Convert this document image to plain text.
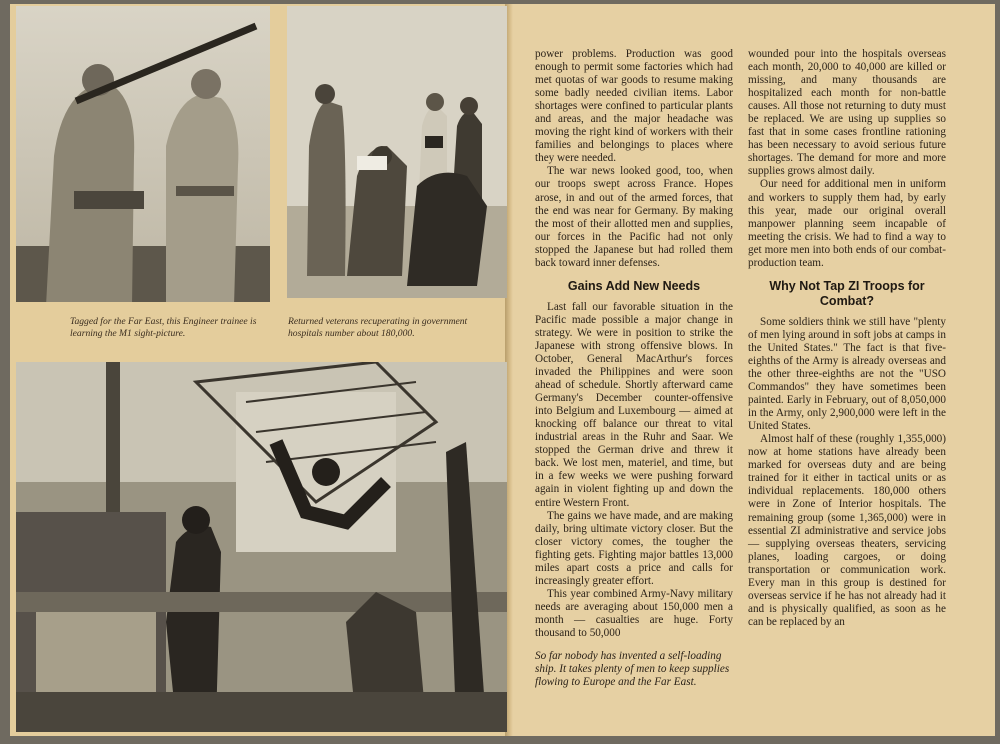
Tagged for the Far East, this Engineer trainee is learning the M1 sight-picture.
Returned veterans recuperating in government hospitals number about 180,000.

power problems. Production was good enough to permit some factories which had met quotas of war goods to resume making some badly needed civilian items. Labor shortages were confined to particular plants and areas, and the major headache was moving the right kind of workers with their families and belongings to places where they were needed.

The war news looked good, too, when our troops swept across France. Hopes arose, in and out of the armed forces, that the end was near for Germany. By making the most of their allotted men and supplies, our forces in the Pacific had not only stopped the Japanese but had rolled them back toward inner defenses.

Gains Add New Needs

Last fall our favorable situation in the Pacific made possible a major change in strategy. We were in position to strike the Japanese with strong offensive blows. In October, General MacArthur's forces invaded the Philippines and were soon ahead of schedule. Shortly afterward came Germany's December counter-offensive into Belgium and Luxembourg — aimed at knocking off balance our threat to vital industrial areas in the Ruhr and Saar. We stopped the German drive and threw it back. We lost men, materiel, and time, but in a few weeks we were pushing forward again in violent fighting up and down the entire Western Front.

The gains we have made, and are making daily, bring ultimate victory closer. But the closer victory comes, the tougher the fighting gets. Fighting major battles 13,000 miles apart costs a price and calls for increasingly greater effort.

This year combined Army-Navy military needs are averaging about 150,000 men a month — casualties are huge. Forty thousand to 50,000

So far nobody has invented a self-loading ship. It takes plenty of men to keep supplies flowing to Europe and the Far East.

wounded pour into the hospitals overseas each month, 20,000 to 40,000 are killed or missing, and many thousands are hospitalized each month for non-battle causes. All those not returning to duty must be replaced. We are using up supplies so fast that in some cases frontline rationing has been necessary to avoid serious future shortages. The demand for more and more supplies grows almost daily.

Our need for additional men in uniform and workers to supply them had, by early this year, made our original overall manpower planning seem incapable of meeting the crisis. We had to find a way to get more men into both ends of our combat-production team.

Why Not Tap ZI Troops for Combat?

Some soldiers think we still have "plenty of men lying around in soft jobs at camps in the United States." The fact is that five-eighths of the Army is already overseas and the other three-eighths are not the "USO Commandos" they have sometimes been painted. Early in February, out of 8,050,000 in the Army, only 2,900,000 were left in the United States.

Almost half of these (roughly 1,355,000) now at home stations have already been marked for overseas duty and are being trained for it either in tactical units or as individual replacements. 180,000 others were in Zone of Interior hospitals. The remaining group (some 1,365,000) were in essential ZI administrative and service jobs — supplying overseas theaters, servicing planes, loading cargoes, or doing transportation or communication work. Every man in this group is destined for overseas service if he has not already had it and is physically qualified, as soon as he can be replaced by an
